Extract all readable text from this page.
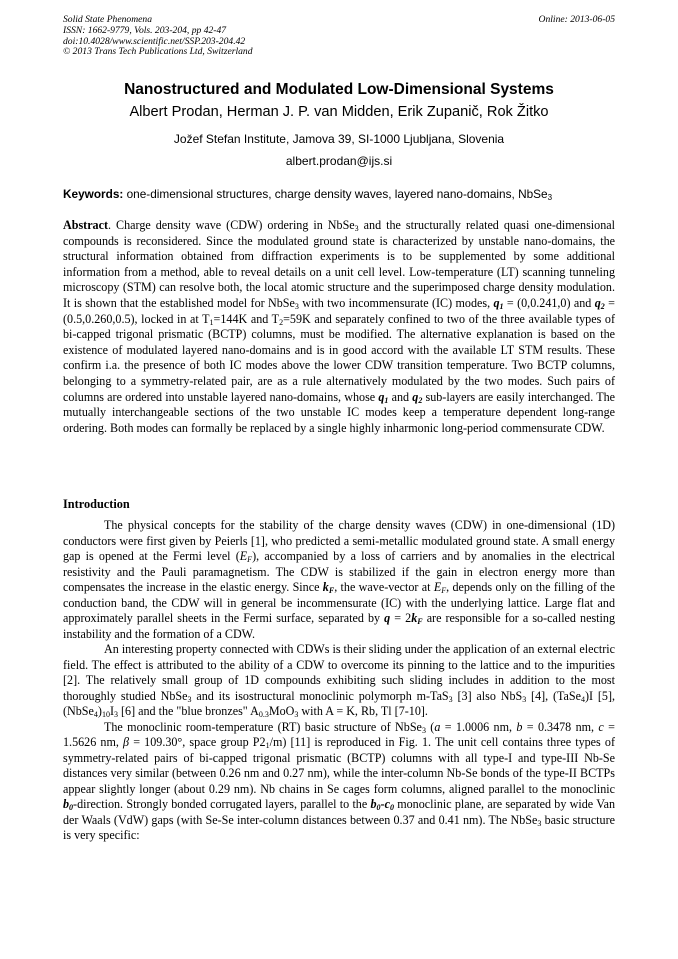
Solid State Phenomena
ISSN: 1662-9779, Vols. 203-204, pp 42-47
doi:10.4028/www.scientific.net/SSP.203-204.42
© 2013 Trans Tech Publications Ltd, Switzerland
Online: 2013-06-05
Nanostructured and Modulated Low-Dimensional Systems
Albert Prodan, Herman J. P. van Midden, Erik Zupanič, Rok Žitko
Jožef Stefan Institute, Jamova 39, SI-1000 Ljubljana, Slovenia
albert.prodan@ijs.si
Keywords: one-dimensional structures, charge density waves, layered nano-domains, NbSe$_3$
Abstract. Charge density wave (CDW) ordering in NbSe$_3$ and the structurally related quasi one-dimensional compounds is reconsidered. Since the modulated ground state is characterized by unstable nano-domains, the structural information obtained from diffraction experiments is to be supplemented by some additional information from a method, able to reveal details on a unit cell level. Low-temperature (LT) scanning tunneling microscopy (STM) can resolve both, the local atomic structure and the superimposed charge density modulation. It is shown that the established model for NbSe$_3$ with two incommensurate (IC) modes, $q_1 = (0,0.241,0)$ and $q_2 = (0.5,0.260,0.5)$, locked in at $T_1=144K$ and $T_2=59K$ and separately confined to two of the three available types of bi-capped trigonal prismatic (BCTP) columns, must be modified. The alternative explanation is based on the existence of modulated layered nano-domains and is in good accord with the available LT STM results. These confirm i.a. the presence of both IC modes above the lower CDW transition temperature. Two BCTP columns, belonging to a symmetry-related pair, are as a rule alternatively modulated by the two modes. Such pairs of columns are ordered into unstable layered nano-domains, whose $q_1$ and $q_2$ sub-layers are easily interchanged. The mutually interchangeable sections of the two unstable IC modes keep a temperature dependent long-range ordering. Both modes can formally be replaced by a single highly inharmonic long-period commensurate CDW.
Introduction

The physical concepts for the stability of the charge density waves (CDW) in one-dimensional (1D) conductors were first given by Peierls [1], who predicted a semi-metallic modulated ground state. A small energy gap is opened at the Fermi level $(E_F)$, accompanied by a loss of carriers and by anomalies in the electrical resistivity and the Pauli paramagnetism. The CDW is stabilized if the gain in electron energy more than compensates the increase in the elastic energy. Since $k_F$, the wave-vector at $E_F$, depends only on the filling of the conduction band, the CDW will in general be incommensurate (IC) with the underlying lattice. Large flat and approximately parallel sheets in the Fermi surface, separated by $q = 2k_F$ are responsible for a so-called nesting instability and the formation of a CDW.

An interesting property connected with CDWs is their sliding under the application of an external electric field. The effect is attributed to the ability of a CDW to overcome its pinning to the lattice and to the impurities [2]. The relatively small group of 1D compounds exhibiting such sliding includes in addition to the most thoroughly studied NbSe$_3$ and its isostructural monoclinic polymorph m-TaS$_3$ [3] also NbS$_3$ [4], (TaSe$_4$)I [5], $(NbSe_4)_{10}I_3$ [6] and the "blue bronzes" $A_{0.3}MoO_3$ with A = K, Rb, Tl [7-10].

The monoclinic room-temperature (RT) basic structure of NbSe$_3$ (a = 1.0006 nm, b = 0.3478 nm, c = 1.5626 nm, β = 109.30°, space group $P2_1/m$) [11] is reproduced in Fig. 1. The unit cell contains three types of symmetry-related pairs of bi-capped trigonal prismatic (BCTP) columns with all type-I and type-III Nb-Se distances very similar (between 0.26 nm and 0.27 nm), while the inter-column Nb-Se bonds of the type-II BCTPs appear slightly longer (about 0.29 nm). Nb chains in Se cages form columns, aligned parallel to the monoclinic $b_0$-direction. Strongly bonded corrugated layers, parallel to the $b_0-c_0$ monoclinic plane, are separated by wide Van der Waals (VdW) gaps (with Se-Se inter-column distances between 0.37 and 0.41 nm). The NbSe$_3$ basic structure is very specific:
